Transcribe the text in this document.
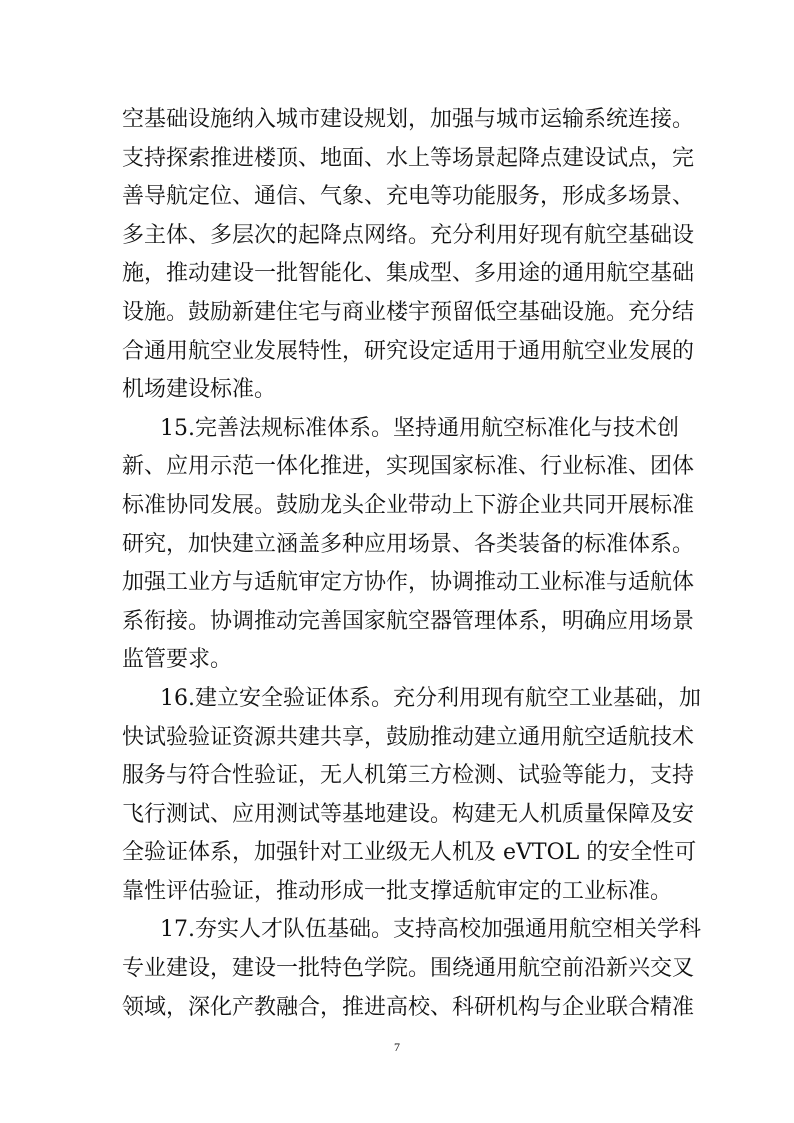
空基础设施纳入城市建设规划，加强与城市运输系统连接。
支持探索推进楼顶、地面、水上等场景起降点建设试点，完
善导航定位、通信、气象、充电等功能服务，形成多场景、
多主体、多层次的起降点网络。充分利用好现有航空基础设
施，推动建设一批智能化、集成型、多用途的通用航空基础
设施。鼓励新建住宅与商业楼宇预留低空基础设施。充分结
合通用航空业发展特性，研究设定适用于通用航空业发展的
机场建设标准。
15.完善法规标准体系。坚持通用航空标准化与技术创
新、应用示范一体化推进，实现国家标准、行业标准、团体
标准协同发展。鼓励龙头企业带动上下游企业共同开展标准
研究，加快建立涵盖多种应用场景、各类装备的标准体系。
加强工业方与适航审定方协作，协调推动工业标准与适航体
系衔接。协调推动完善国家航空器管理体系，明确应用场景
监管要求。
16.建立安全验证体系。充分利用现有航空工业基础，加
快试验验证资源共建共享，鼓励推动建立通用航空适航技术
服务与符合性验证，无人机第三方检测、试验等能力，支持
飞行测试、应用测试等基地建设。构建无人机质量保障及安
全验证体系，加强针对工业级无人机及 eVTOL 的安全性可
靠性评估验证，推动形成一批支撑适航审定的工业标准。
17.夯实人才队伍基础。支持高校加强通用航空相关学科
专业建设，建设一批特色学院。围绕通用航空前沿新兴交叉
领域，深化产教融合，推进高校、科研机构与企业联合精准
7
